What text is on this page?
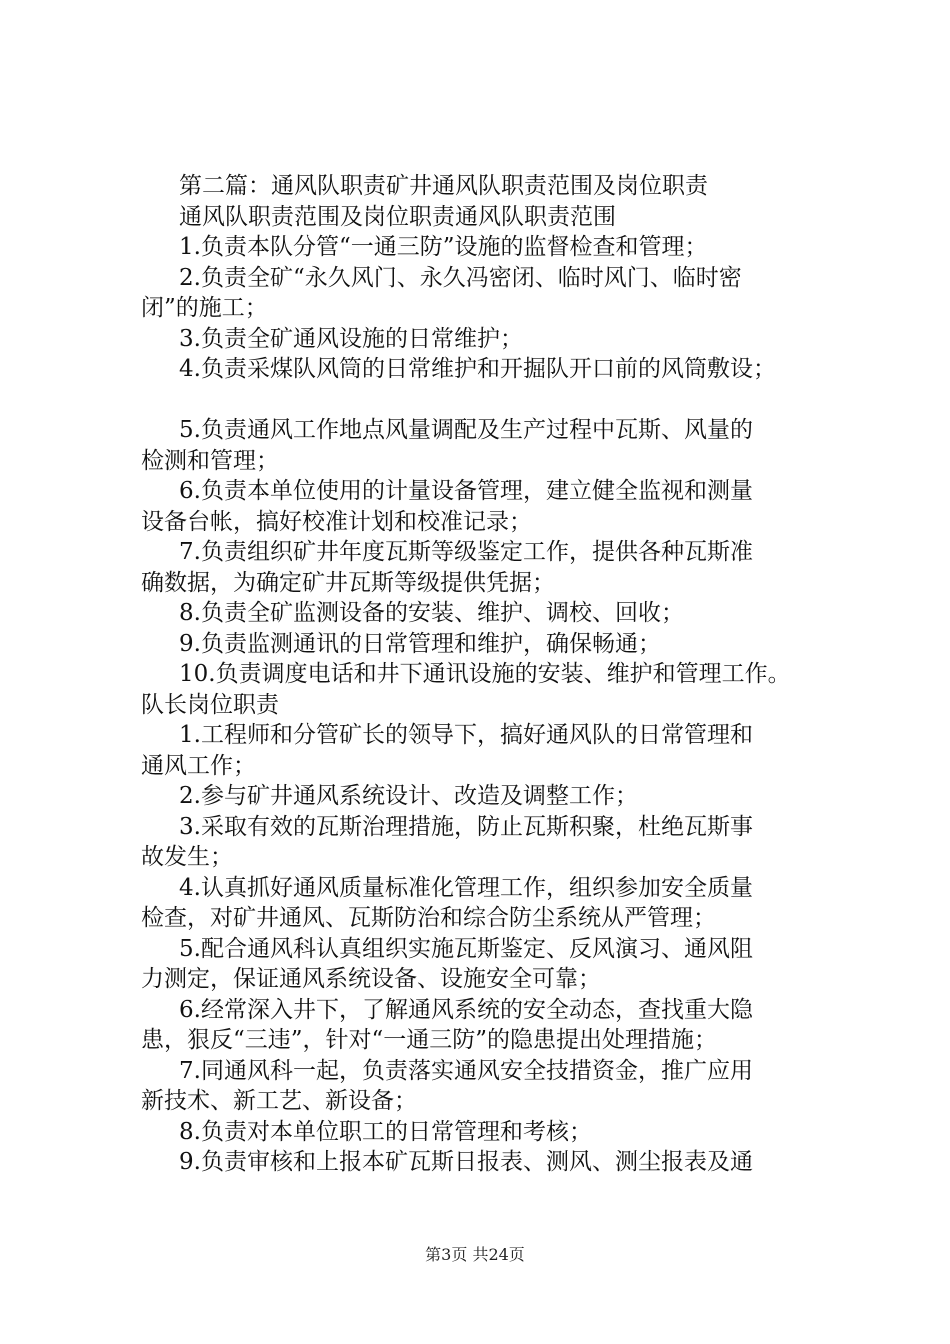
第二篇：通风队职责矿井通风队职责范围及岗位职责
通风队职责范围及岗位职责通风队职责范围
1.负责本队分管“一通三防”设施的监督检查和管理；
2.负责全矿“永久风门、永久冯密闭、临时风门、临时密
闭”的施工；
3.负责全矿通风设施的日常维护；
4.负责采煤队风筒的日常维护和开掘队开口前的风筒敷设；
5.负责通风工作地点风量调配及生产过程中瓦斯、风量的
检测和管理；
6.负责本单位使用的计量设备管理，建立健全监视和测量
设备台帐，搞好校准计划和校准记录；
7.负责组织矿井年度瓦斯等级鉴定工作，提供各种瓦斯准
确数据，为确定矿井瓦斯等级提供凭据；
8.负责全矿监测设备的安装、维护、调校、回收；
9.负责监测通讯的日常管理和维护，确保畅通；
10.负责调度电话和井下通讯设施的安装、维护和管理工作。
队长岗位职责
1.工程师和分管矿长的领导下，搞好通风队的日常管理和
通风工作；
2.参与矿井通风系统设计、改造及调整工作；
3.采取有效的瓦斯治理措施，防止瓦斯积聚，杜绝瓦斯事
故发生；
4.认真抓好通风质量标准化管理工作，组织参加安全质量
检查，对矿井通风、瓦斯防治和综合防尘系统从严管理；
5.配合通风科认真组织实施瓦斯鉴定、反风演习、通风阻
力测定，保证通风系统设备、设施安全可靠；
6.经常深入井下，了解通风系统的安全动态，查找重大隐
患，狠反“三违”，针对“一通三防”的隐患提出处理措施；
7.同通风科一起，负责落实通风安全技措资金，推广应用
新技术、新工艺、新设备；
8.负责对本单位职工的日常管理和考核；
9.负责审核和上报本矿瓦斯日报表、测风、测尘报表及通
第3页 共24页
